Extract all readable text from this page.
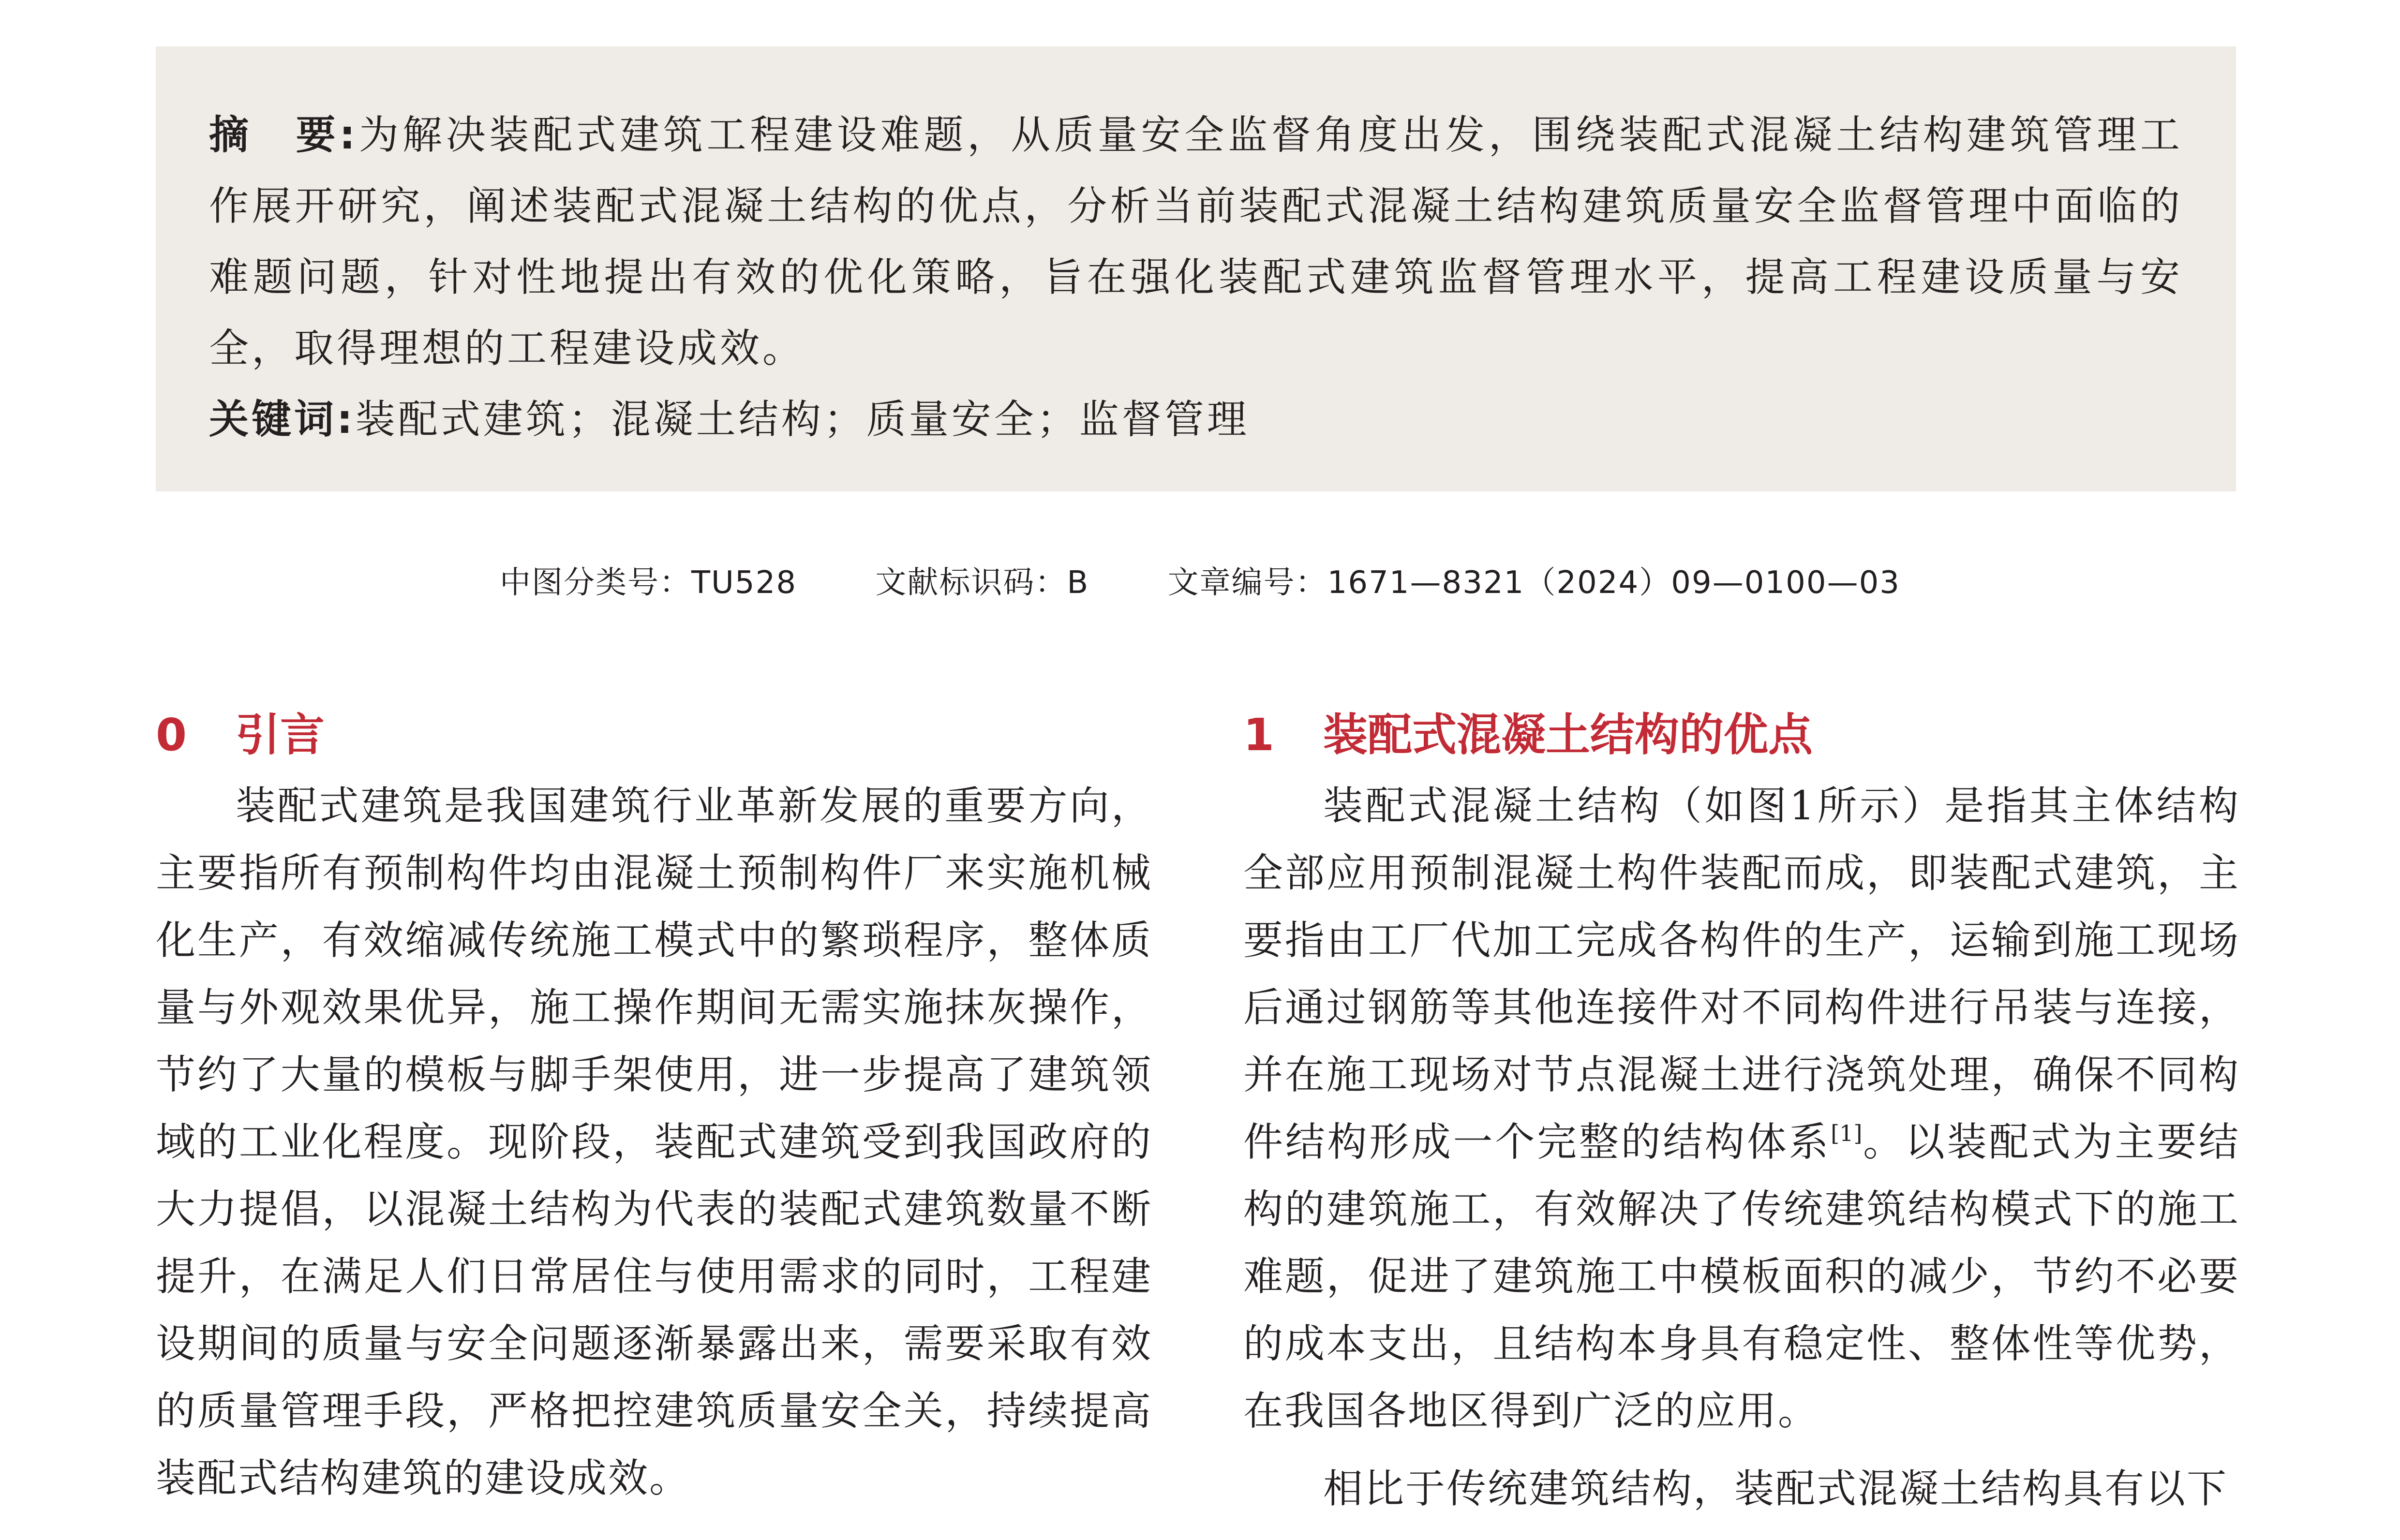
摘　要:为解决装配式建筑工程建设难题，从质量安全监督角度出发，围绕装配式混凝土结构建筑管理工作展开研究，阐述装配式混凝土结构的优点，分析当前装配式混凝土结构建筑质量安全监督管理中面临的难题问题，针对性地提出有效的优化策略，旨在强化装配式建筑监督管理水平，提高工程建设质量与安全，取得理想的工程建设成效。

关键词:装配式建筑；混凝土结构；质量安全；监督管理

中图分类号：TU528	文献标识码：B	文章编号：1671—8321（2024）09—0100—03
0 引言

装配式建筑是我国建筑行业革新发展的重要方向，主要指所有预制构件均由混凝土预制构件厂来实施机械化生产，有效缩减传统施工模式中的繁琐程序，整体质量与外观效果优异，施工操作期间无需实施抹灰操作，节约了大量的模板与脚手架使用，进一步提高了建筑领域的工业化程度。现阶段，装配式建筑受到我国政府的大力提倡，以混凝土结构为代表的装配式建筑数量不断提升，在满足人们日常居住与使用需求的同时，工程建设期间的质量与安全问题逐渐暴露出来，需要采取有效的质量管理手段，严格把控建筑质量安全关，持续提高装配式结构建筑的建设成效。

1 装配式混凝土结构的优点

装配式混凝土结构（如图1所示）是指其主体结构全部应用预制混凝土构件装配而成，即装配式建筑，主要指由工厂代加工完成各构件的生产，运输到施工现场后通过钢筋等其他连接件对不同构件进行吊装与连接，并在施工现场对节点混凝土进行浇筑处理，确保不同构件结构形成一个完整的结构体系[1]。以装配式为主要结构的建筑施工，有效解决了传统建筑结构模式下的施工难题，促进了建筑施工中模板面积的减少，节约不必要的成本支出，且结构本身具有稳定性、整体性等优势，在我国各地区得到广泛的应用。

相比于传统建筑结构，装配式混凝土结构具有以下
